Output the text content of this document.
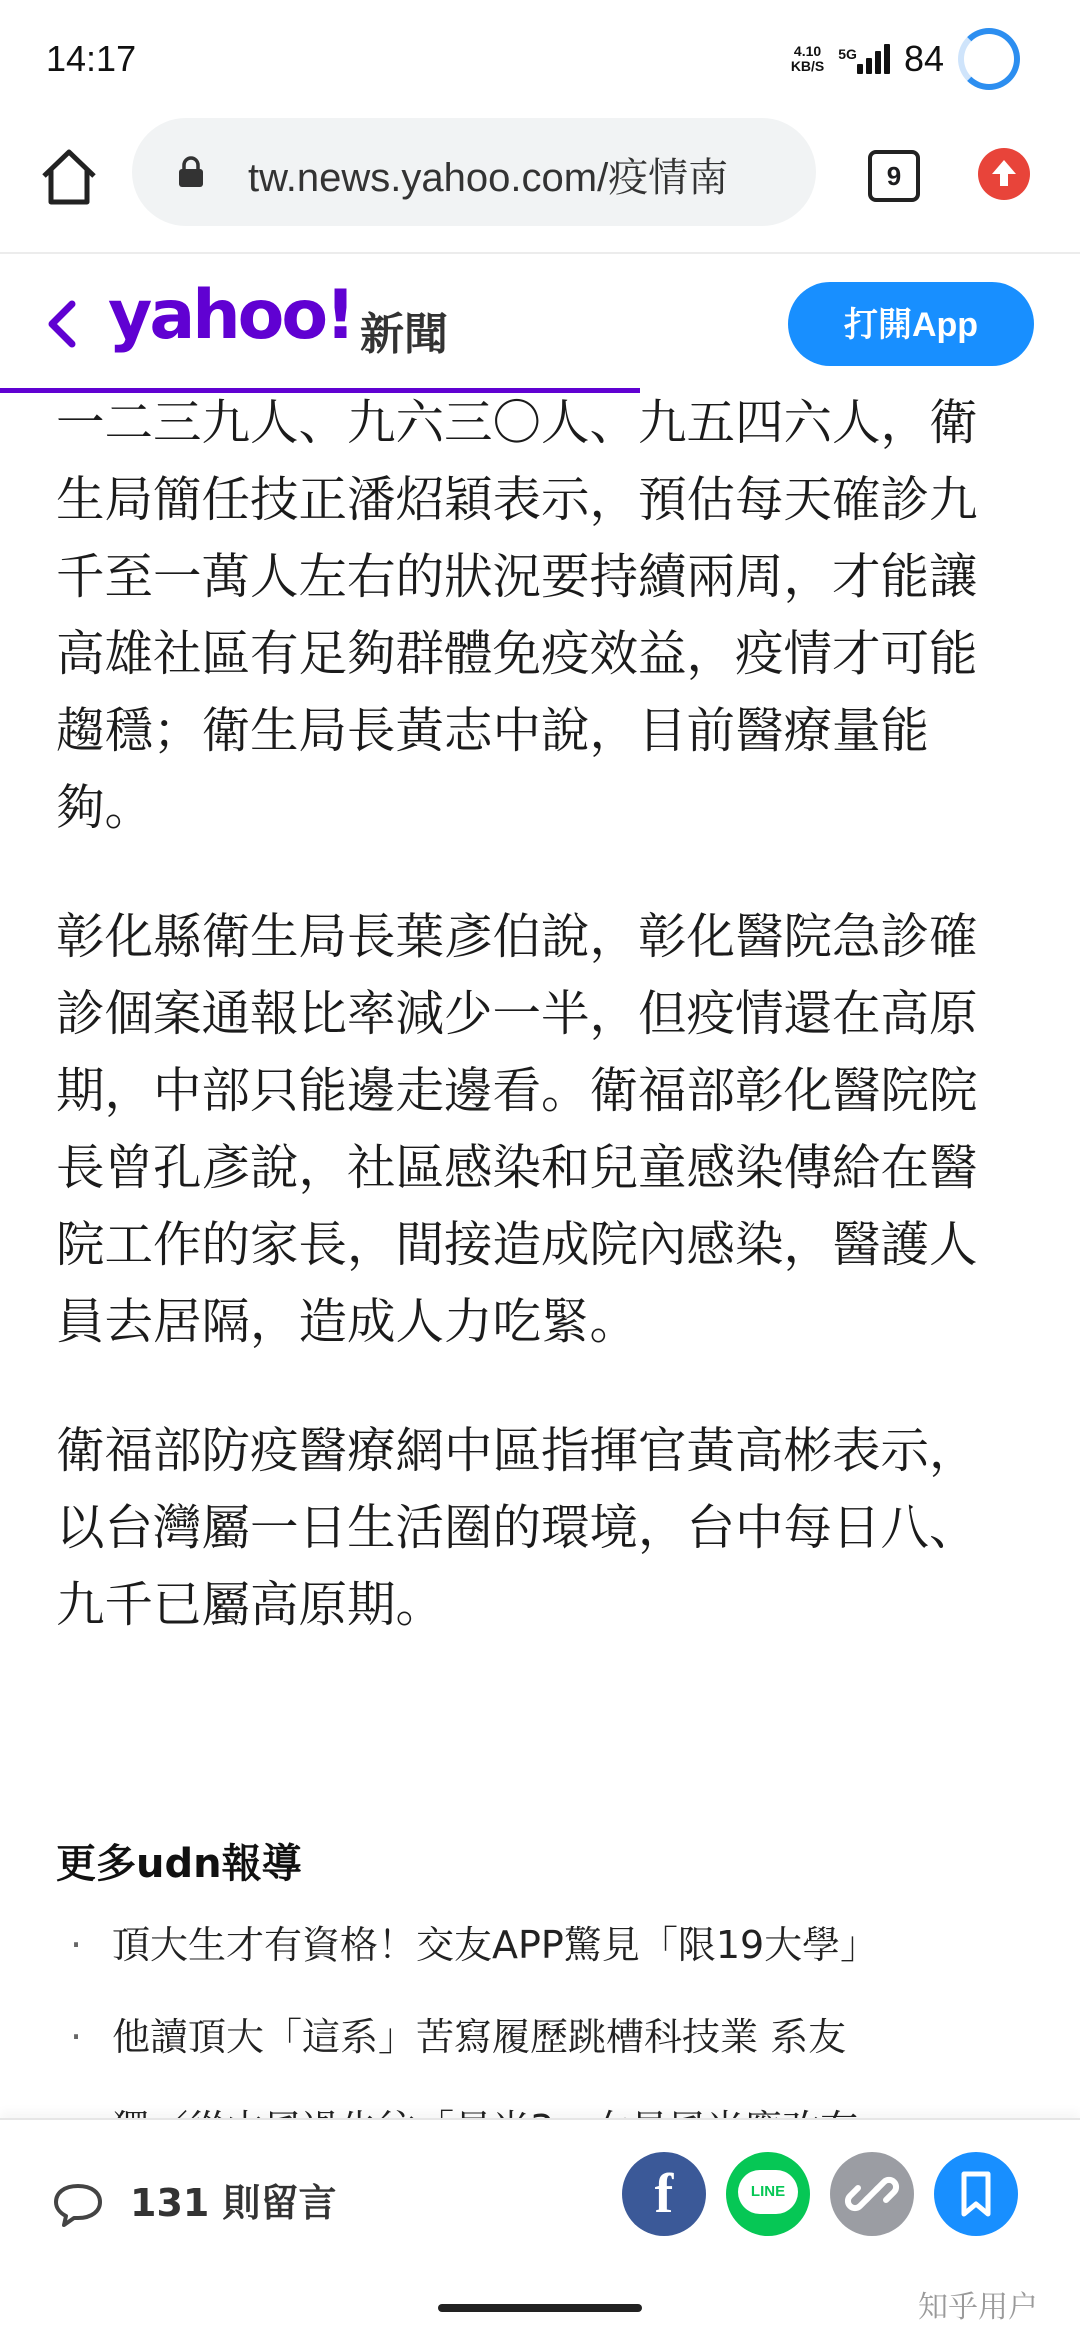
14:17	4.10
KB/S
5G 84
tw.news.yahoo.com/疫情南	9
yahoo! 新聞	打開App

一二三九人、九六三〇人、九五四六人，衛生局簡任技正潘炤穎表示，預估每天確診九千至一萬人左右的狀況要持續兩周，才能讓高雄社區有足夠群體免疫效益，疫情才可能趨穩；衛生局長黃志中說，目前醫療量能夠。

彰化縣衛生局長葉彥伯說，彰化醫院急診確診個案通報比率減少一半，但疫情還在高原期，中部只能邊走邊看。衛福部彰化醫院院長曾孔彥說，社區感染和兒童感染傳給在醫院工作的家長，間接造成院內感染，醫護人員去居隔，造成人力吃緊。

衛福部防疫醫療網中區指揮官黃高彬表示，以台灣屬一日生活圈的環境，台中每日八、九千已屬高原期。

更多udn報導
· 頂大生才有資格！交友APP驚見「限19大學」
· 他讀頂大「這系」苦寫履歷跳槽科技業 系友
131 則留言	f	LINE
知乎用户
